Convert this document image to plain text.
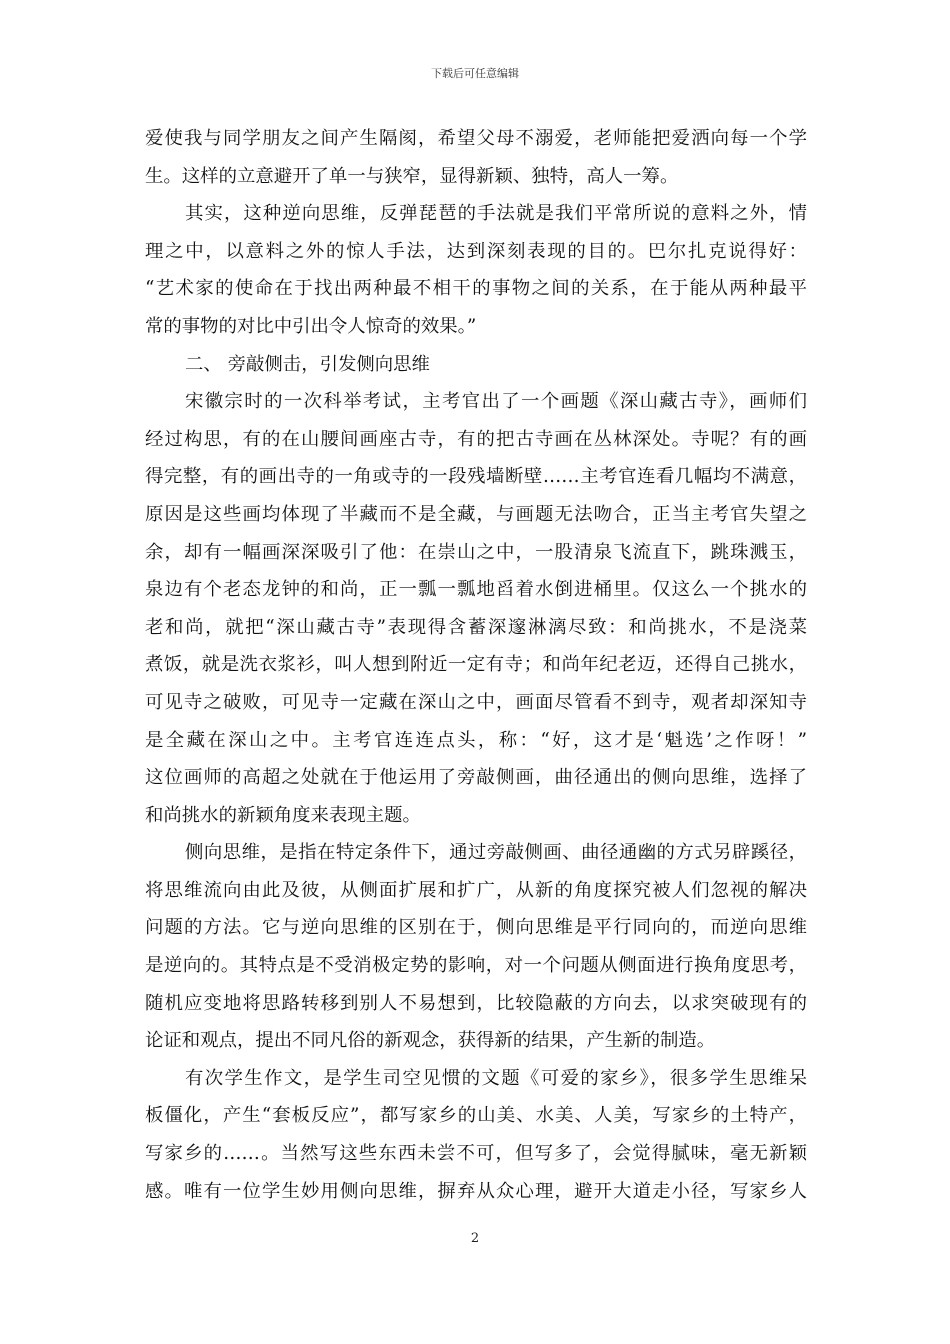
下载后可任意编辑
爱使我与同学朋友之间产生隔阂，希望父母不溺爱，老师能把爱洒向每一个学
生。这样的立意避开了单一与狭窄，显得新颖、独特，高人一筹。
其实，这种逆向思维，反弹琵琶的手法就是我们平常所说的意料之外，情
理之中，以意料之外的惊人手法，达到深刻表现的目的。巴尔扎克说得好：
“艺术家的使命在于找出两种最不相干的事物之间的关系，在于能从两种最平
常的事物的对比中引出令人惊奇的效果。”
二、 旁敲侧击，引发侧向思维
宋徽宗时的一次科举考试，主考官出了一个画题《深山藏古寺》，画师们
经过构思，有的在山腰间画座古寺，有的把古寺画在丛林深处。寺呢？有的画
得完整，有的画出寺的一角或寺的一段残墙断壁……主考官连看几幅均不满意，
原因是这些画均体现了半藏而不是全藏，与画题无法吻合，正当主考官失望之
余，却有一幅画深深吸引了他：在崇山之中，一股清泉飞流直下，跳珠溅玉，
泉边有个老态龙钟的和尚，正一瓢一瓢地舀着水倒进桶里。仅这么一个挑水的
老和尚，就把“深山藏古寺”表现得含蓄深邃淋漓尽致：和尚挑水，不是浇菜
煮饭，就是洗衣浆衫，叫人想到附近一定有寺；和尚年纪老迈，还得自己挑水，
可见寺之破败，可见寺一定藏在深山之中，画面尽管看不到寺，观者却深知寺
是全藏在深山之中。主考官连连点头，称：“好，这才是‘魁选’之作呀！”
这位画师的高超之处就在于他运用了旁敲侧画，曲径通出的侧向思维，选择了
和尚挑水的新颖角度来表现主题。
侧向思维，是指在特定条件下，通过旁敲侧画、曲径通幽的方式另辟蹊径，
将思维流向由此及彼，从侧面扩展和扩广，从新的角度探究被人们忽视的解决
问题的方法。它与逆向思维的区别在于，侧向思维是平行同向的，而逆向思维
是逆向的。其特点是不受消极定势的影响，对一个问题从侧面进行换角度思考，
随机应变地将思路转移到别人不易想到，比较隐蔽的方向去，以求突破现有的
论证和观点，提出不同凡俗的新观念，获得新的结果，产生新的制造。
有次学生作文，是学生司空见惯的文题《可爱的家乡》，很多学生思维呆
板僵化，产生“套板反应”，都写家乡的山美、水美、人美，写家乡的土特产，
写家乡的……。当然写这些东西未尝不可，但写多了，会觉得腻味，毫无新颖
感。唯有一位学生妙用侧向思维，摒弃从众心理，避开大道走小径，写家乡人
2
